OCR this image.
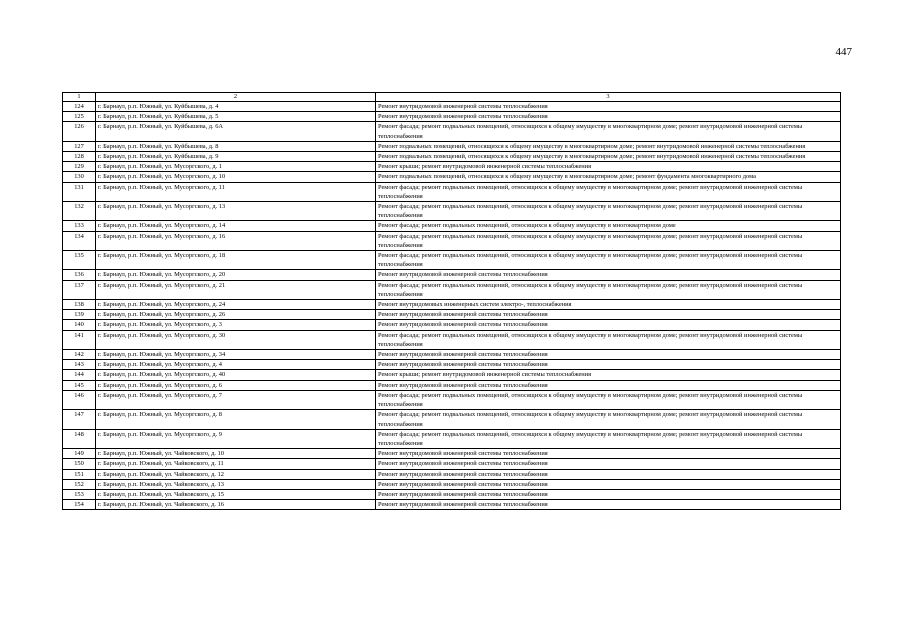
447
1	2	3
124	г. Барнаул, р.п. Южный, ул. Куйбышева, д. 4	Ремонт внутридомовой инженерной системы теплоснабжения
125	г. Барнаул, р.п. Южный, ул. Куйбышева, д. 5	Ремонт внутридомовой инженерной системы теплоснабжения
126	г. Барнаул, р.п. Южный, ул. Куйбышева, д. 6А	Ремонт фасада; ремонт подвальных помещений, относящихся к общему имуществу в многоквартирном доме; ремонт внутридомовой инженерной системы теплоснабжения
127	г. Барнаул, р.п. Южный, ул. Куйбышева, д. 8	Ремонт подвальных помещений, относящихся к общему имуществу в многоквартирном доме; ремонт внутридомовой инженерной системы теплоснабжения
128	г. Барнаул, р.п. Южный, ул. Куйбышева, д. 9	Ремонт подвальных помещений, относящихся к общему имуществу в многоквартирном доме; ремонт внутридомовой инженерной системы теплоснабжения
129	г. Барнаул, р.п. Южный, ул. Мусоргского, д. 1	Ремонт крыши; ремонт внутридомовой инженерной системы теплоснабжения
130	г. Барнаул, р.п. Южный, ул. Мусоргского, д. 10	Ремонт подвальных помещений, относящихся к общему имуществу в многоквартирном доме; ремонт фундамента многоквартирного дома
131	г. Барнаул, р.п. Южный, ул. Мусоргского, д. 11	Ремонт фасада; ремонт подвальных помещений, относящихся к общему имуществу в многоквартирном доме; ремонт внутридомовой инженерной системы теплоснабжения
132	г. Барнаул, р.п. Южный, ул. Мусоргского, д. 13	Ремонт фасада; ремонт подвальных помещений, относящихся к общему имуществу в многоквартирном доме; ремонт внутридомовой инженерной системы теплоснабжения
133	г. Барнаул, р.п. Южный, ул. Мусоргского, д. 14	Ремонт фасада; ремонт подвальных помещений, относящихся к общему имуществу в многоквартирном доме
134	г. Барнаул, р.п. Южный, ул. Мусоргского, д. 16	Ремонт фасада; ремонт подвальных помещений, относящихся к общему имуществу в многоквартирном доме; ремонт внутридомовой инженерной системы теплоснабжения
135	г. Барнаул, р.п. Южный, ул. Мусоргского, д. 18	Ремонт фасада; ремонт подвальных помещений, относящихся к общему имуществу в многоквартирном доме; ремонт внутридомовой инженерной системы теплоснабжения
136	г. Барнаул, р.п. Южный, ул. Мусоргского, д. 20	Ремонт внутридомовой инженерной системы теплоснабжения
137	г. Барнаул, р.п. Южный, ул. Мусоргского, д. 21	Ремонт фасада; ремонт подвальных помещений, относящихся к общему имуществу в многоквартирном доме; ремонт внутридомовой инженерной системы теплоснабжения
138	г. Барнаул, р.п. Южный, ул. Мусоргского, д. 24	Ремонт внутридомовых инженерных систем электро-, теплоснабжения
139	г. Барнаул, р.п. Южный, ул. Мусоргского, д. 26	Ремонт внутридомовой инженерной системы теплоснабжения
140	г. Барнаул, р.п. Южный, ул. Мусоргского, д. 3	Ремонт внутридомовой инженерной системы теплоснабжения
141	г. Барнаул, р.п. Южный, ул. Мусоргского, д. 30	Ремонт фасада; ремонт подвальных помещений, относящихся к общему имуществу в многоквартирном доме; ремонт внутридомовой инженерной системы теплоснабжения
142	г. Барнаул, р.п. Южный, ул. Мусоргского, д. 34	Ремонт внутридомовой инженерной системы теплоснабжения
143	г. Барнаул, р.п. Южный, ул. Мусоргского, д. 4	Ремонт внутридомовой инженерной системы теплоснабжения
144	г. Барнаул, р.п. Южный, ул. Мусоргского, д. 40	Ремонт крыши; ремонт внутридомовой инженерной системы теплоснабжения
145	г. Барнаул, р.п. Южный, ул. Мусоргского, д. 6	Ремонт внутридомовой инженерной системы теплоснабжения
146	г. Барнаул, р.п. Южный, ул. Мусоргского, д. 7	Ремонт фасада; ремонт подвальных помещений, относящихся к общему имуществу в многоквартирном доме; ремонт внутридомовой инженерной системы теплоснабжения
147	г. Барнаул, р.п. Южный, ул. Мусоргского, д. 8	Ремонт фасада; ремонт подвальных помещений, относящихся к общему имуществу в многоквартирном доме; ремонт внутридомовой инженерной системы теплоснабжения
148	г. Барнаул, р.п. Южный, ул. Мусоргского, д. 9	Ремонт фасада; ремонт подвальных помещений, относящихся к общему имуществу в многоквартирном доме; ремонт внутридомовой инженерной системы теплоснабжения
149	г. Барнаул, р.п. Южный, ул. Чайковского, д. 10	Ремонт внутридомовой инженерной системы теплоснабжения
150	г. Барнаул, р.п. Южный, ул. Чайковского, д. 11	Ремонт внутридомовой инженерной системы теплоснабжения
151	г. Барнаул, р.п. Южный, ул. Чайковского, д. 12	Ремонт внутридомовой инженерной системы теплоснабжения
152	г. Барнаул, р.п. Южный, ул. Чайковского, д. 13	Ремонт внутридомовой инженерной системы теплоснабжения
153	г. Барнаул, р.п. Южный, ул. Чайковского, д. 15	Ремонт внутридомовой инженерной системы теплоснабжения
154	г. Барнаул, р.п. Южный, ул. Чайковского, д. 16	Ремонт внутридомовой инженерной системы теплоснабжения
